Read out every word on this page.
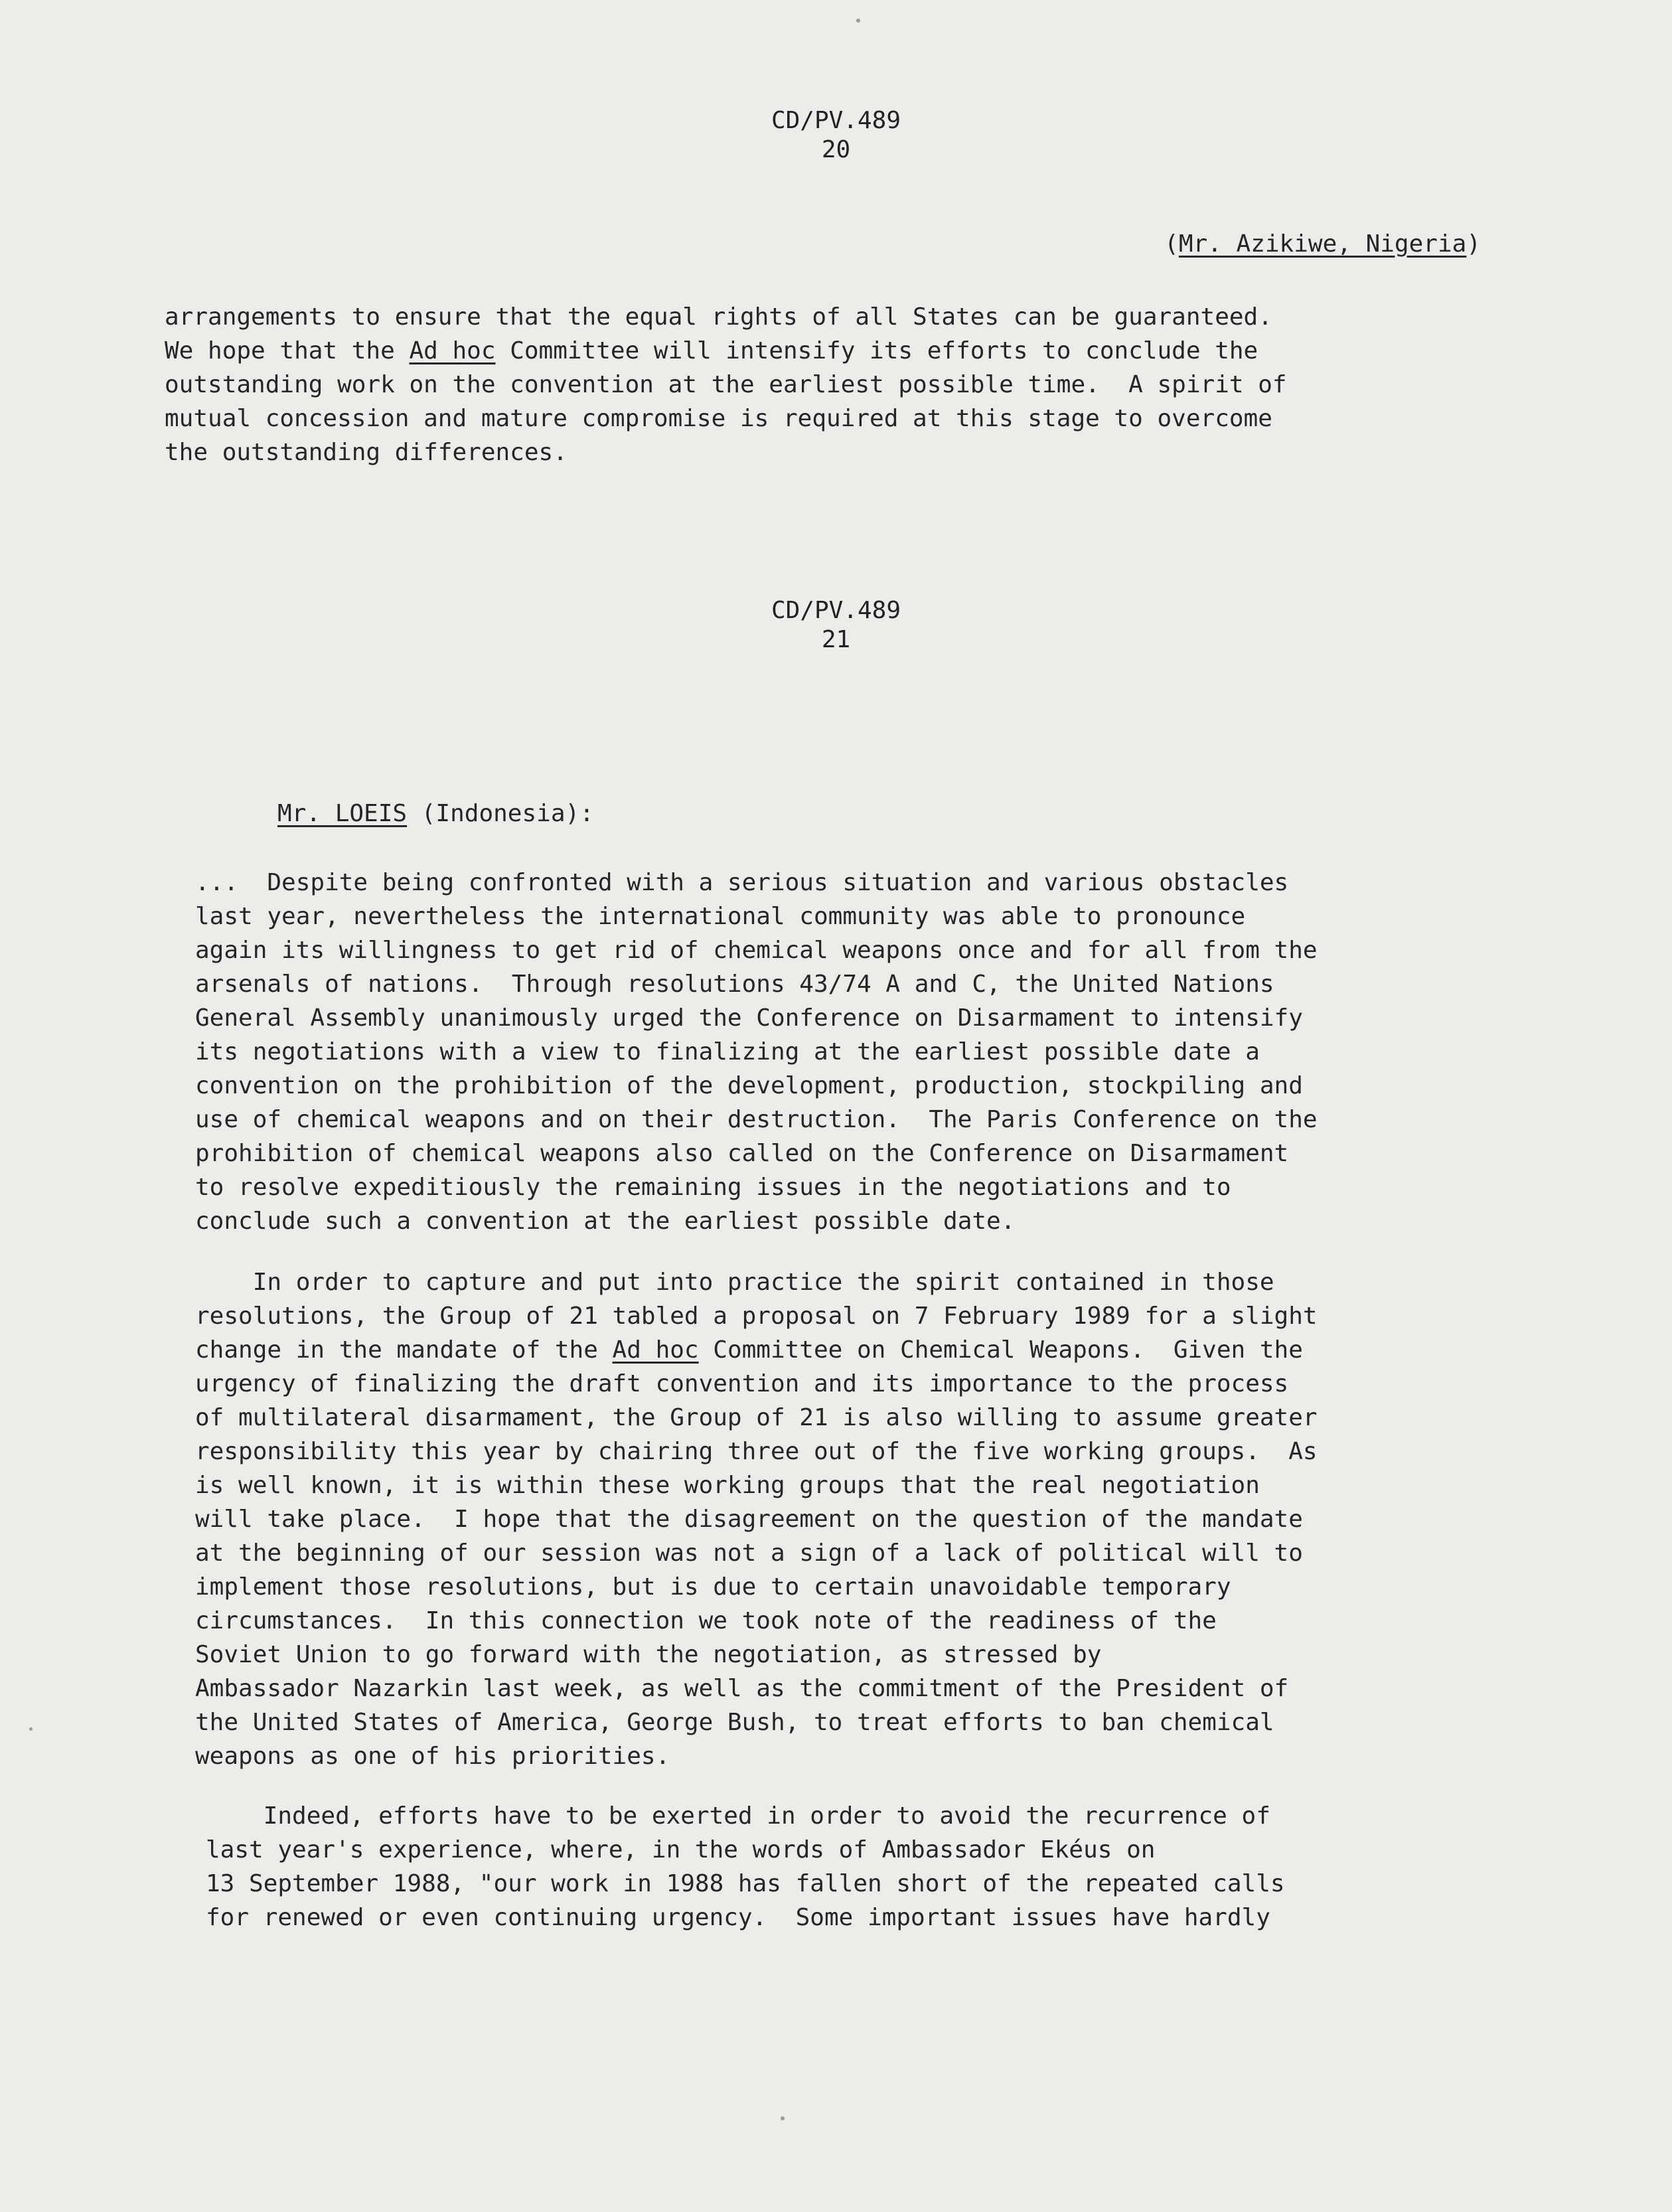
CD/PV.489
20
(Mr. Azikiwe, Nigeria)
arrangements to ensure that the equal rights of all States can be guaranteed.
We hope that the Ad hoc Committee will intensify its efforts to conclude the
outstanding work on the convention at the earliest possible time.  A spirit of
mutual concession and mature compromise is required at this stage to overcome
the outstanding differences.
CD/PV.489
21
Mr. LOEIS (Indonesia):
...  Despite being confronted with a serious situation and various obstacles
last year, nevertheless the international community was able to pronounce
again its willingness to get rid of chemical weapons once and for all from the
arsenals of nations.  Through resolutions 43/74 A and C, the United Nations
General Assembly unanimously urged the Conference on Disarmament to intensify
its negotiations with a view to finalizing at the earliest possible date a
convention on the prohibition of the development, production, stockpiling and
use of chemical weapons and on their destruction.  The Paris Conference on the
prohibition of chemical weapons also called on the Conference on Disarmament
to resolve expeditiously the remaining issues in the negotiations and to
conclude such a convention at the earliest possible date.
In order to capture and put into practice the spirit contained in those
resolutions, the Group of 21 tabled a proposal on 7 February 1989 for a slight
change in the mandate of the Ad hoc Committee on Chemical Weapons.  Given the
urgency of finalizing the draft convention and its importance to the process
of multilateral disarmament, the Group of 21 is also willing to assume greater
responsibility this year by chairing three out of the five working groups.  As
is well known, it is within these working groups that the real negotiation
will take place.  I hope that the disagreement on the question of the mandate
at the beginning of our session was not a sign of a lack of political will to
implement those resolutions, but is due to certain unavoidable temporary
circumstances.  In this connection we took note of the readiness of the
Soviet Union to go forward with the negotiation, as stressed by
Ambassador Nazarkin last week, as well as the commitment of the President of
the United States of America, George Bush, to treat efforts to ban chemical
weapons as one of his priorities.
Indeed, efforts have to be exerted in order to avoid the recurrence of
last year's experience, where, in the words of Ambassador Ekéus on
13 September 1988, "our work in 1988 has fallen short of the repeated calls
for renewed or even continuing urgency.  Some important issues have hardly
